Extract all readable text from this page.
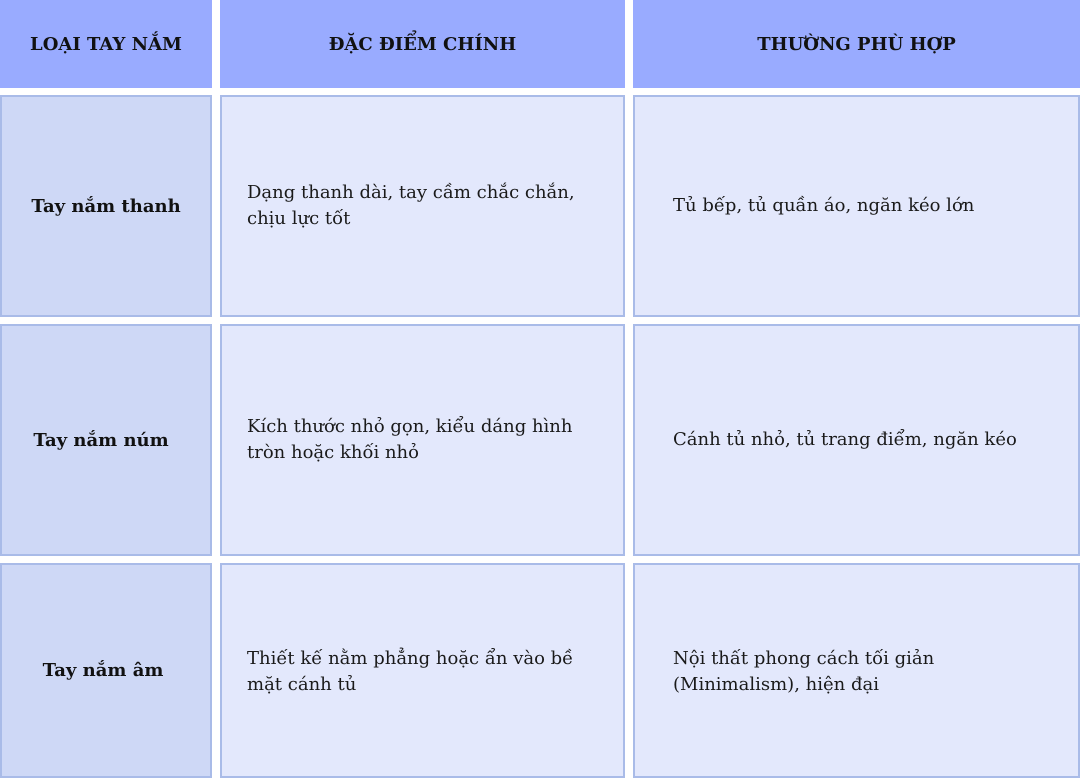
LOẠI TAY NẮM	ĐẶC ĐIỂM CHÍNH	THƯỜNG PHÙ HỢP
Tay nắm thanh
Dạng thanh dài, tay cầm chắc chắn, chịu lực tốt
Tủ bếp, tủ quần áo, ngăn kéo lớn
Tay nắm núm
Kích thước nhỏ gọn, kiểu dáng hình tròn hoặc khối nhỏ
Cánh tủ nhỏ, tủ trang điểm, ngăn kéo
Tay nắm âm
Thiết kế nằm phẳng hoặc ẩn vào bề mặt cánh tủ
Nội thất phong cách tối giản (Minimalism), hiện đại
